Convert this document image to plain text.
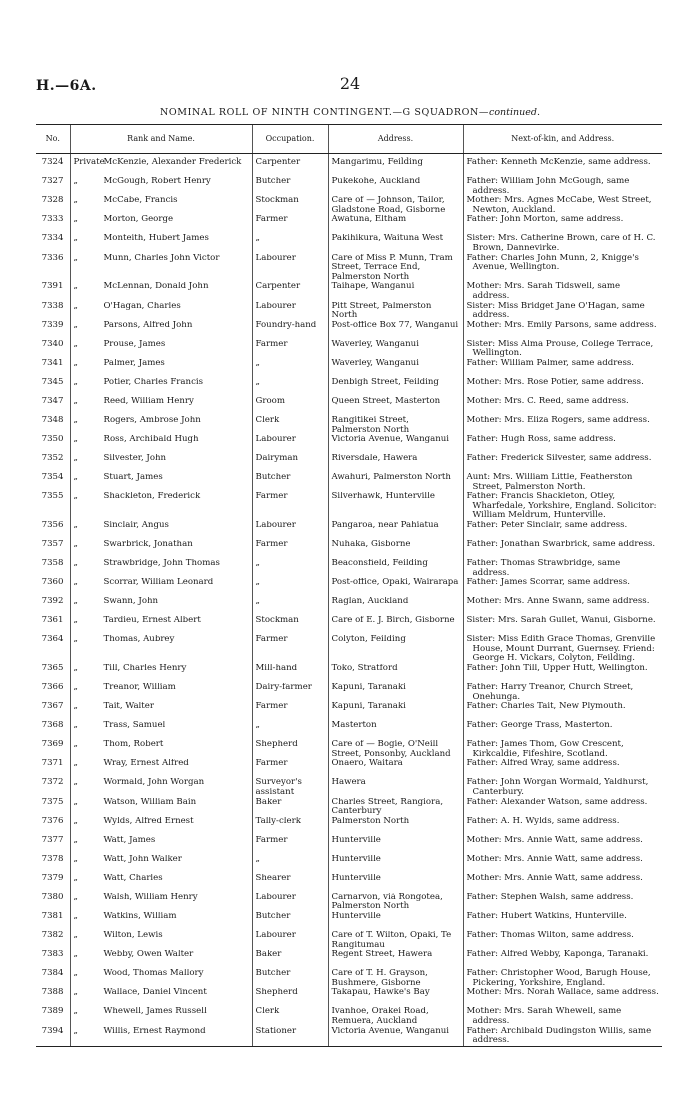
H.—6A.	24
NOMINAL ROLL OF NINTH CONTINGENT.—G SQUADRON—continued.
No.	Rank and Name.	Occupation.	Address.	Next-of-kin, and Address.
7324	PrivateMcKenzie, Alexander Frederick	Carpenter	Mangarimu, Feilding	Father: Kenneth McKenzie, same address.
7327	„ McGough, Robert Henry	Butcher	Pukekohe, Auckland	Father: William John McGough, same address.
7328	„ McCabe, Francis	Stockman	Care of — Johnson, Tailor, Gladstone Road, Gisborne	Mother: Mrs. Agnes McCabe, West Street, Newton, Auckland.
7333	„ Morton, George	Farmer	Awatuna, Eltham	Father: John Morton, same address.
7334	„ Monteith, Hubert James	„	Pakihikura, Waituna West	Sister: Mrs. Catherine Brown, care of H. C. Brown, Dannevirke.
7336	„ Munn, Charles John Victor	Labourer	Care of Miss P. Munn, Tram Street, Terrace End, Palmerston North	Father: Charles John Munn, 2, Knigge's Avenue, Wellington.
7391	„ McLennan, Donald John	Carpenter	Taihape, Wanganui	Mother: Mrs. Sarah Tidswell, same address.
7338	„ O'Hagan, Charles	Labourer	Pitt Street, Palmerston North	Sister: Miss Bridget Jane O'Hagan, same address.
7339	„ Parsons, Alfred John	Foundry-hand	Post-office Box 77, Wanganui	Mother: Mrs. Emily Parsons, same address.
7340	„ Prouse, James	Farmer	Waverley, Wanganui	Sister: Miss Alma Prouse, College Terrace, Wellington.
7341	„ Palmer, James	„	Waverley, Wanganui	Father: William Palmer, same address.
7345	„ Potier, Charles Francis	„	Denbigh Street, Feilding	Mother: Mrs. Rose Potier, same address.
7347	„ Reed, William Henry	Groom	Queen Street, Masterton	Mother: Mrs. C. Reed, same address.
7348	„ Rogers, Ambrose John	Clerk	Rangitikei Street, Palmerston North	Mother: Mrs. Eliza Rogers, same address.
7350	„ Ross, Archibald Hugh	Labourer	Victoria Avenue, Wanganui	Father: Hugh Ross, same address.
7352	„ Silvester, John	Dairyman	Riversdale, Hawera	Father: Frederick Silvester, same address.
7354	„ Stuart, James	Butcher	Awahuri, Palmerston North	Aunt: Mrs. William Little, Featherston Street, Palmerston North.
7355	„ Shackleton, Frederick	Farmer	Silverhawk, Hunterville	Father: Francis Shackleton, Otley, Wharfedale, Yorkshire, England. Solicitor: William Meldrum, Hunterville.
7356	„ Sinclair, Angus	Labourer	Pangaroa, near Pahiatua	Father: Peter Sinclair, same address.
7357	„ Swarbrick, Jonathan	Farmer	Nuhaka, Gisborne	Father: Jonathan Swarbrick, same address.
7358	„ Strawbridge, John Thomas	„	Beaconsfield, Feilding	Father: Thomas Strawbridge, same address.
7360	„ Scorrar, William Leonard	„	Post-office, Opaki, Wairarapa	Father: James Scorrar, same address.
7392	„ Swann, John	„	Raglan, Auckland	Mother: Mrs. Anne Swann, same address.
7361	„ Tardieu, Ernest Albert	Stockman	Care of E. J. Birch, Gisborne	Sister: Mrs. Sarah Gullet, Wanui, Gisborne.
7364	„ Thomas, Aubrey	Farmer	Colyton, Feilding	Sister: Miss Edith Grace Thomas, Grenville House, Mount Durrant, Guernsey. Friend: George H. Vickars, Colyton, Feilding.
7365	„ Till, Charles Henry	Mill-hand	Toko, Stratford	Father: John Till, Upper Hutt, Wellington.
7366	„ Treanor, William	Dairy-farmer	Kapuni, Taranaki	Father: Harry Treanor, Church Street, Onehunga.
7367	„ Tait, Walter	Farmer	Kapuni, Taranaki	Father: Charles Tait, New Plymouth.
7368	„ Trass, Samuel	„	Masterton	Father: George Trass, Masterton.
7369	„ Thom, Robert	Shepherd	Care of — Bogie, O'Neill Street, Ponsonby, Auckland	Father: James Thom, Gow Crescent, Kirkcaldie, Fifeshire, Scotland.
7371	„ Wray, Ernest Alfred	Farmer	Onaero, Waitara	Father: Alfred Wray, same address.
7372	„ Wormald, John Worgan	Surveyor's assistant	Hawera	Father: John Worgan Wormald, Yaldhurst, Canterbury.
7375	„ Watson, William Bain	Baker	Charles Street, Rangiora, Canterbury	Father: Alexander Watson, same address.
7376	„ Wylds, Alfred Ernest	Tally-clerk	Palmerston North	Father: A. H. Wylds, same address.
7377	„ Watt, James	Farmer	Hunterville	Mother: Mrs. Annie Watt, same address.
7378	„ Watt, John Walker	„	Hunterville	Mother: Mrs. Annie Watt, same address.
7379	„ Watt, Charles	Shearer	Hunterville	Mother: Mrs. Annie Watt, same address.
7380	„ Walsh, William Henry	Labourer	Carnarvon, vià Rongotea, Palmerston North	Father: Stephen Walsh, same address.
7381	„ Watkins, William	Butcher	Hunterville	Father: Hubert Watkins, Hunterville.
7382	„ Wilton, Lewis	Labourer	Care of T. Wilton, Opaki, Te Rangitumau	Father: Thomas Wilton, same address.
7383	„ Webby, Owen Walter	Baker	Regent Street, Hawera	Father: Alfred Webby, Kaponga, Taranaki.
7384	„ Wood, Thomas Mallory	Butcher	Care of T. H. Grayson, Bushmere, Gisborne	Father: Christopher Wood, Barugh House, Pickering, Yorkshire, England.
7388	„ Wallace, Daniel Vincent	Shepherd	Takapau, Hawke's Bay	Mother: Mrs. Norah Wallace, same address.
7389	„ Whewell, James Russell	Clerk	Ivanhoe, Orakei Road, Remuera, Auckland	Mother: Mrs. Sarah Whewell, same address.
7394	„ Willis, Ernest Raymond	Stationer	Victoria Avenue, Wanganui	Father: Archibald Dudingston Willis, same address.
